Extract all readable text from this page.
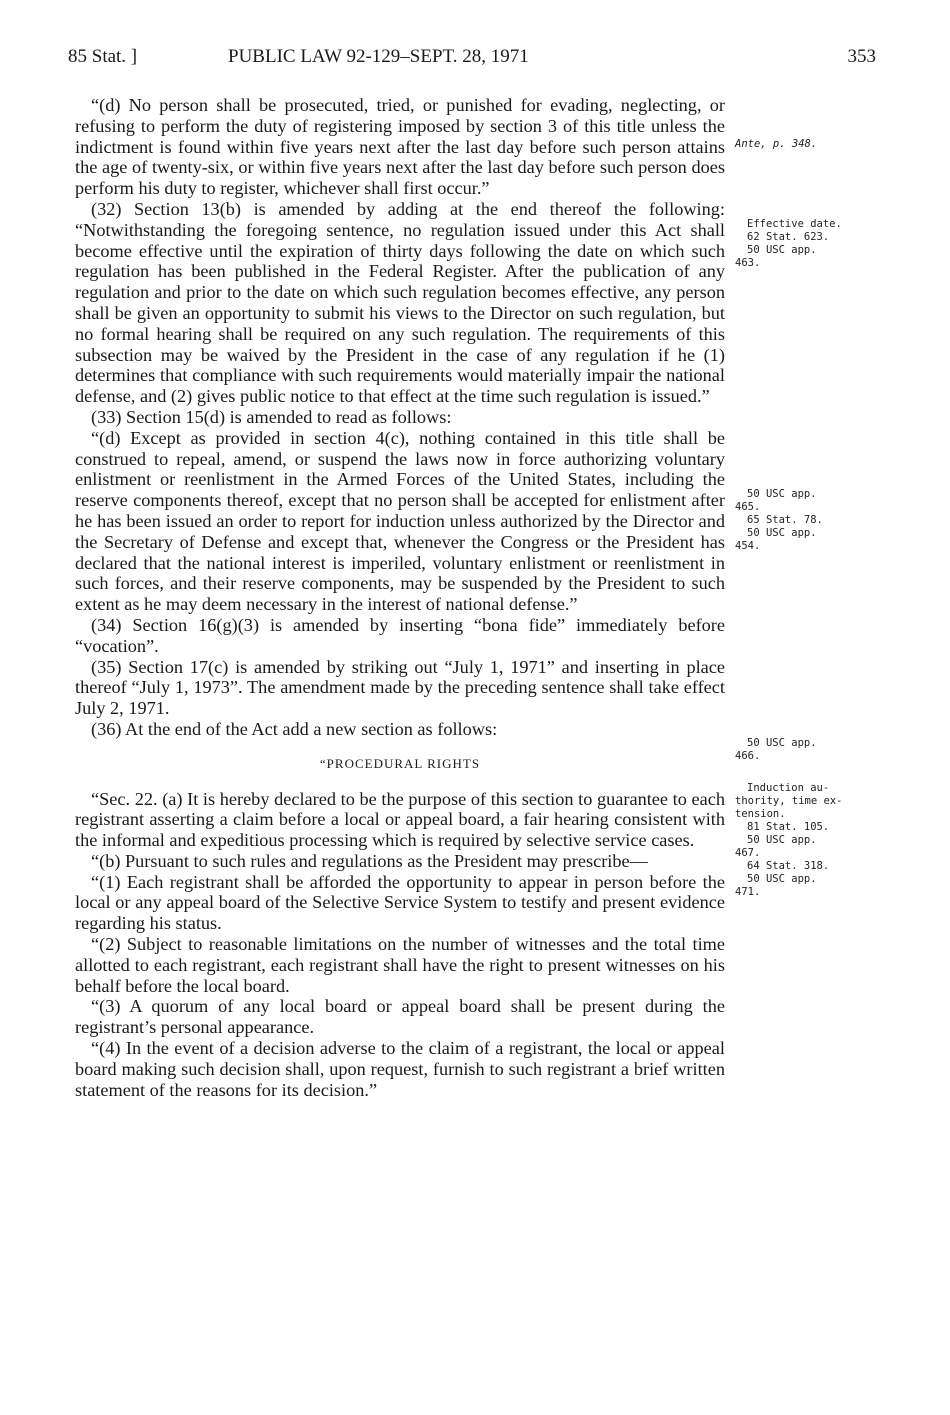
85 Stat. ]	PUBLIC LAW 92-129–SEPT. 28, 1971	353

“(d) No person shall be prosecuted, tried, or punished for evading, neglecting, or refusing to perform the duty of registering imposed by section 3 of this title unless the indictment is found within five years next after the last day before such person attains the age of twenty-six, or within five years next after the last day before such person does perform his duty to register, whichever shall first occur.”

(32) Section 13(b) is amended by adding at the end thereof the following: “Notwithstanding the foregoing sentence, no regulation issued under this Act shall become effective until the expiration of thirty days following the date on which such regulation has been published in the Federal Register. After the publication of any regulation and prior to the date on which such regulation becomes effective, any person shall be given an opportunity to submit his views to the Director on such regulation, but no formal hearing shall be required on any such regulation. The requirements of this subsection may be waived by the President in the case of any regulation if he (1) determines that compliance with such requirements would materially impair the national defense, and (2) gives public notice to that effect at the time such regulation is issued.”

(33) Section 15(d) is amended to read as follows:

“(d) Except as provided in section 4(c), nothing contained in this title shall be construed to repeal, amend, or suspend the laws now in force authorizing voluntary enlistment or reenlistment in the Armed Forces of the United States, including the reserve components thereof, except that no person shall be accepted for enlistment after he has been issued an order to report for induction unless authorized by the Director and the Secretary of Defense and except that, whenever the Congress or the President has declared that the national interest is imperiled, voluntary enlistment or reenlistment in such forces, and their reserve components, may be suspended by the President to such extent as he may deem necessary in the interest of national defense.”

(34) Section 16(g)(3) is amended by inserting “bona fide” immediately before “vocation”.

(35) Section 17(c) is amended by striking out “July 1, 1971” and inserting in place thereof “July 1, 1973”. The amendment made by the preceding sentence shall take effect July 2, 1971.

(36) At the end of the Act add a new section as follows:

“PROCEDURAL RIGHTS

“Sec. 22. (a) It is hereby declared to be the purpose of this section to guarantee to each registrant asserting a claim before a local or appeal board, a fair hearing consistent with the informal and expeditious processing which is required by selective service cases.

“(b) Pursuant to such rules and regulations as the President may prescribe—

“(1) Each registrant shall be afforded the opportunity to appear in person before the local or any appeal board of the Selective Service System to testify and present evidence regarding his status.

“(2) Subject to reasonable limitations on the number of witnesses and the total time allotted to each registrant, each registrant shall have the right to present witnesses on his behalf before the local board.

“(3) A quorum of any local board or appeal board shall be present during the registrant’s personal appearance.

“(4) In the event of a decision adverse to the claim of a registrant, the local or appeal board making such decision shall, upon request, furnish to such registrant a brief written statement of the reasons for its decision.”

Ante, p. 348.
Effective date.
62 Stat. 623.
50 USC app.
463.
50 USC app.
465.
65 Stat. 78.
50 USC app.
454.
50 USC app.
466.
Induction au-
thority, time ex-
tension.
81 Stat. 105.
50 USC app.
467.
64 Stat. 318.
50 USC app.
471.
